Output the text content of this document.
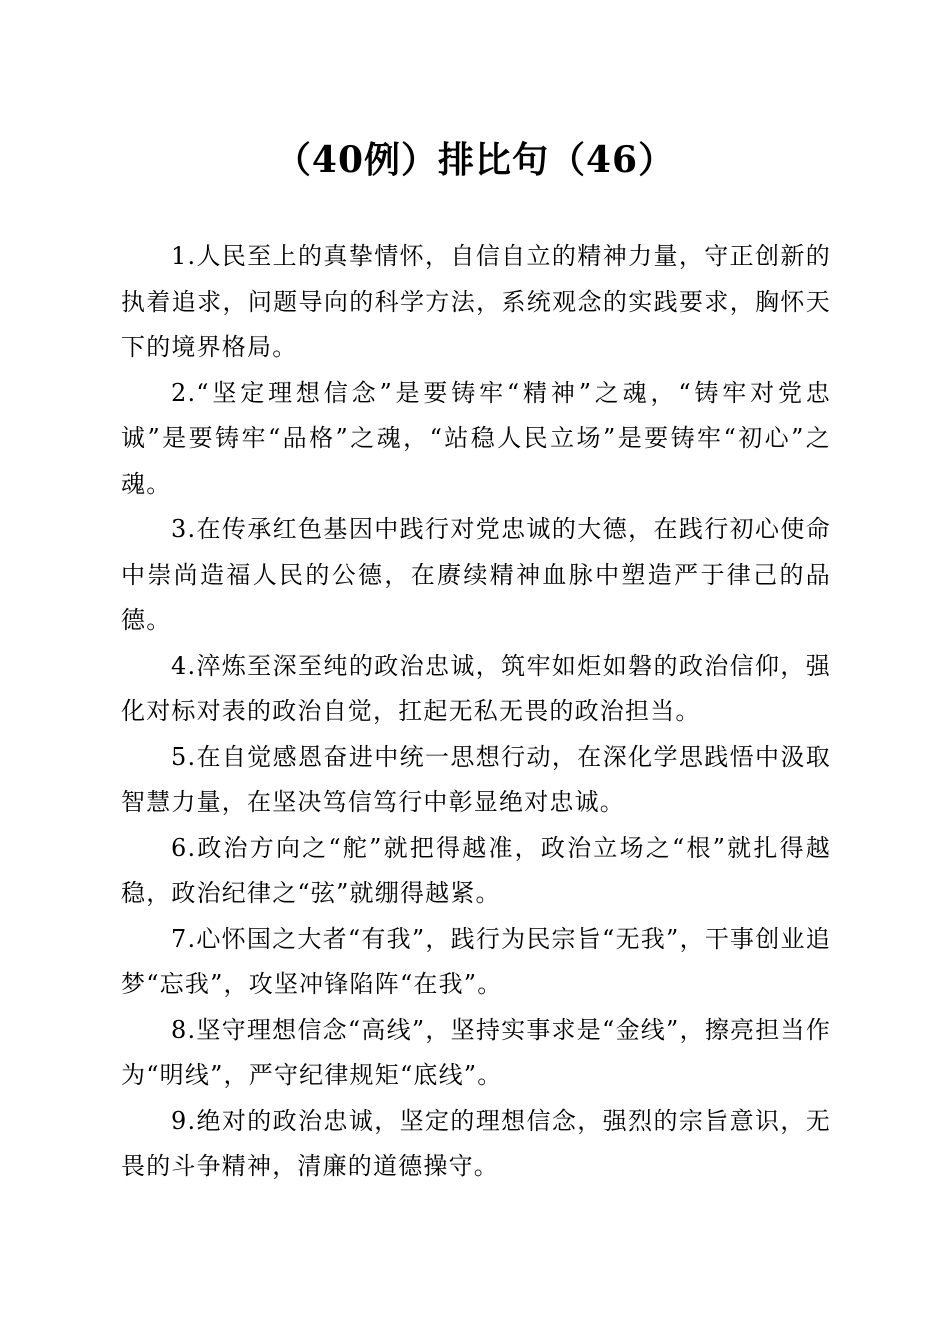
（40例）排比句（46）

1.人民至上的真挚情怀，自信自立的精神力量，守正创新的执着追求，问题导向的科学方法，系统观念的实践要求，胸怀天下的境界格局。

2.“坚定理想信念”是要铸牢“精神”之魂，“铸牢对党忠诚”是要铸牢“品格”之魂，“站稳人民立场”是要铸牢“初心”之魂。

3.在传承红色基因中践行对党忠诚的大德，在践行初心使命中崇尚造福人民的公德，在赓续精神血脉中塑造严于律己的品德。

4.淬炼至深至纯的政治忠诚，筑牢如炬如磐的政治信仰，强化对标对表的政治自觉，扛起无私无畏的政治担当。

5.在自觉感恩奋进中统一思想行动，在深化学思践悟中汲取智慧力量，在坚决笃信笃行中彰显绝对忠诚。

6.政治方向之“舵”就把得越准，政治立场之“根”就扎得越稳，政治纪律之“弦”就绷得越紧。

7.心怀国之大者“有我”，践行为民宗旨“无我”，干事创业追梦“忘我”，攻坚冲锋陷阵“在我”。

8.坚守理想信念“高线”，坚持实事求是“金线”，擦亮担当作为“明线”，严守纪律规矩“底线”。

9.绝对的政治忠诚，坚定的理想信念，强烈的宗旨意识，无畏的斗争精神，清廉的道德操守。
